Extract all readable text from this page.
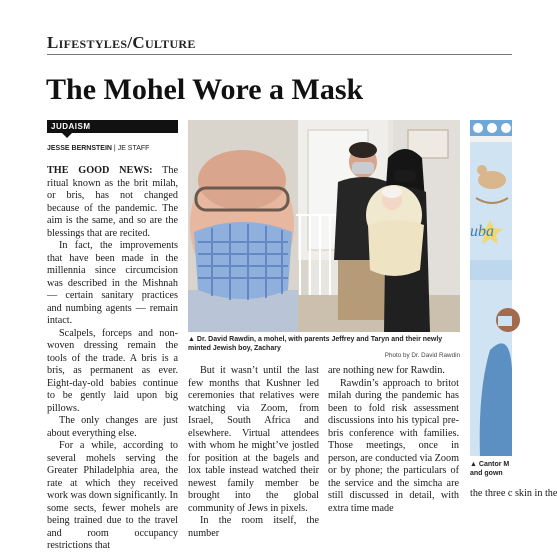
Lifestyles/Culture
The Mohel Wore a Mask
JUDAISM
JESSE BERNSTEIN | JE STAFF

THE GOOD NEWS: The ritual known as the brit milah, or bris, has not changed because of the pandemic. The aim is the same, and so are the blessings that are recited.

In fact, the improvements that have been made in the millennia since circumcision was described in the Mishnah — certain sanitary practices and numbing agents — remain intact.

Scalpels, forceps and non-woven dressing remain the tools of the trade. A bris is a bris, as permanent as ever. Eight-day-old babies continue to be gently laid upon big pillows.

The only changes are just about everything else.

For a while, according to several mohels serving the Greater Philadelphia area, the rate at which they received work was down significantly. In some sects, fewer mohels are being trained due to the travel and room occupancy restrictions that

▲ Dr. David Rawdin, a mohel, with parents Jeffrey and Taryn and their newly minted Jewish boy, Zachary
Photo by Dr. David Rawdin

But it wasn’t until the last few months that Kushner led ceremonies that relatives were watching via Zoom, from Israel, South Africa and elsewhere. Virtual attendees with whom he might’ve jostled for position at the bagels and lox table instead watched their newest family member be brought into the global community of Jews in pixels.

In the room itself, the number

are nothing new for Rawdin.

Rawdin’s approach to britot milah during the pandemic has been to fold risk assessment discussions into his typical pre-bris conference with families. Those meetings, once in person, are conducted via Zoom or by phone; the particulars of the service and the simcha are still discussed in detail, with extra time made

uba
▲ Cantor M
and gown
the three c skin in the
